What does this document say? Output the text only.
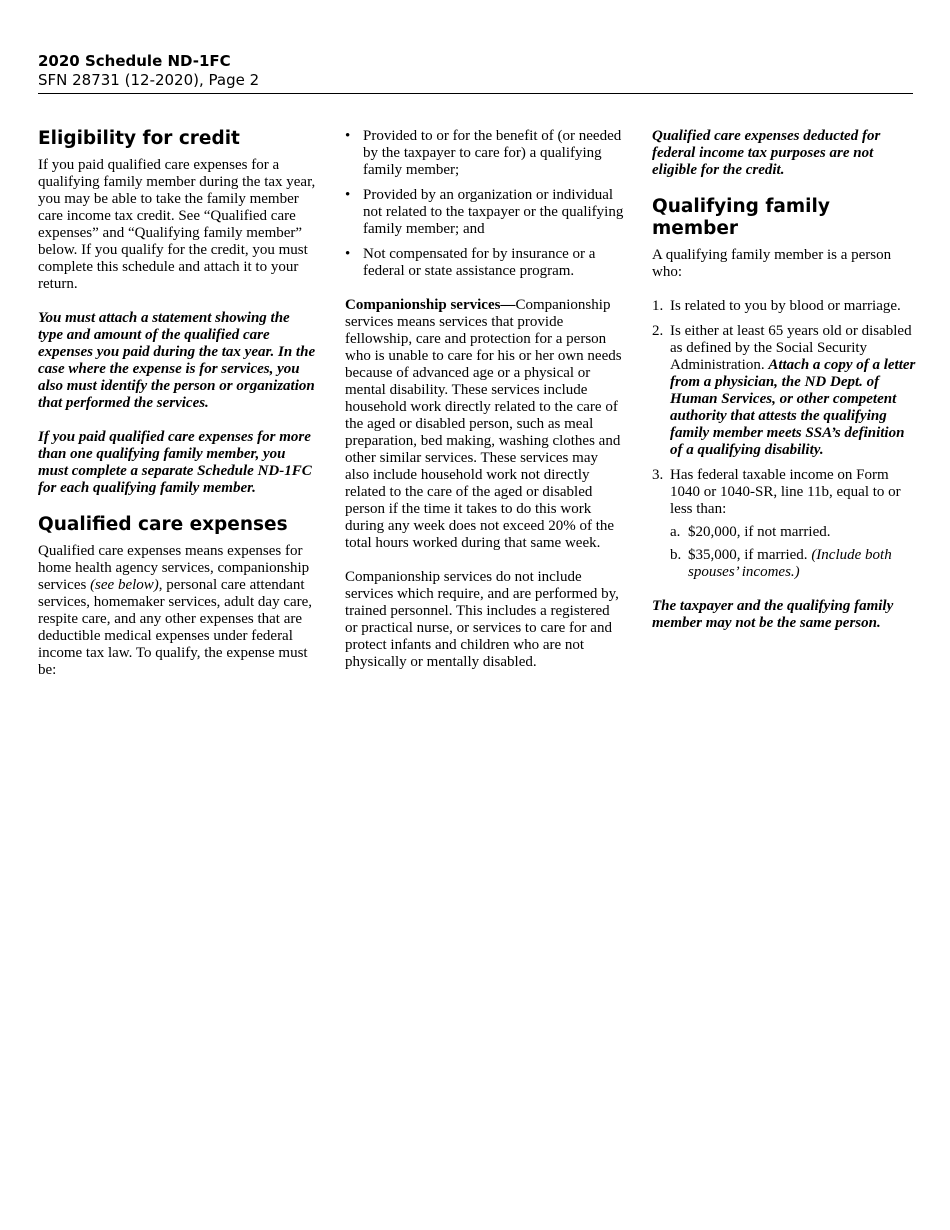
2020 Schedule ND-1FC
SFN 28731 (12-2020), Page 2
Eligibility for credit

If you paid qualified care expenses for a qualifying family member during the tax year, you may be able to take the family member care income tax credit. See “Qualified care expenses” and “Qualifying family member” below. If you qualify for the credit, you must complete this schedule and attach it to your return.

You must attach a statement showing the type and amount of the qualified care expenses you paid during the tax year. In the case where the expense is for services, you also must identify the person or organization that performed the services.

If you paid qualified care expenses for more than one qualifying family member, you must complete a separate Schedule ND-1FC for each qualifying family member.

Qualified care expenses

Qualified care expenses means expenses for home health agency services, companionship services (see below), personal care attendant services, homemaker services, adult day care, respite care, and any other expenses that are deductible medical expenses under federal income tax law. To qualify, the expense must be:

• Provided to or for the benefit of (or needed by the taxpayer to care for) a qualifying family member;
• Provided by an organization or individual not related to the taxpayer or the qualifying family member; and
• Not compensated for by insurance or a federal or state assistance program.

Companionship services—Companionship services means services that provide fellowship, care and protection for a person who is unable to care for his or her own needs because of advanced age or a physical or mental disability. These services include household work directly related to the care of the aged or disabled person, such as meal preparation, bed making, washing clothes and other similar services. These services may also include household work not directly related to the care of the aged or disabled person if the time it takes to do this work during any week does not exceed 20% of the total hours worked during that same week.

Companionship services do not include services which require, and are performed by, trained personnel. This includes a registered or practical nurse, or services to care for and protect infants and children who are not physically or mentally disabled.

Qualified care expenses deducted for federal income tax purposes are not eligible for the credit.

Qualifying family member

A qualifying family member is a person who:

1. Is related to you by blood or marriage.
2. Is either at least 65 years old or disabled as defined by the Social Security Administration. Attach a copy of a letter from a physician, the ND Dept. of Human Services, or other competent authority that attests the qualifying family member meets SSA’s definition of a qualifying disability.
3. Has federal taxable income on Form 1040 or 1040-SR, line 11b, equal to or less than:
a. $20,000, if not married.
b. $35,000, if married. (Include both spouses’ incomes.)

The taxpayer and the qualifying family member may not be the same person.
